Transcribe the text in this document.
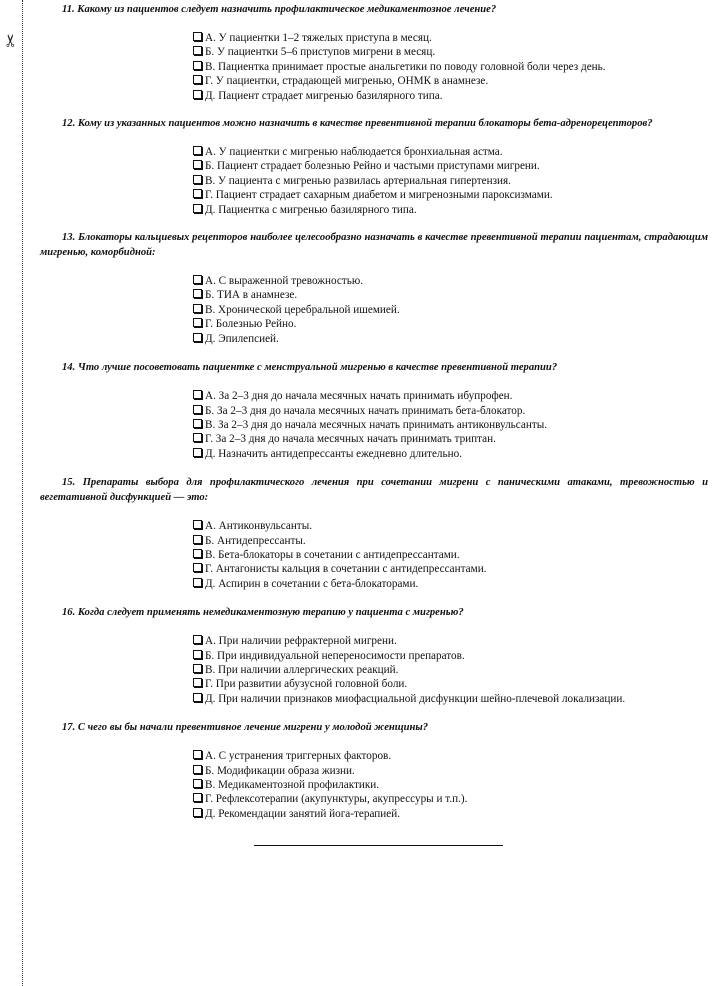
✂

11. Какому из пациентов следует назначить профилактическое медикаментозное лечение?

А. У пациентки 1–2 тяжелых приступа в месяц.
Б. У пациентки 5–6 приступов мигрени в месяц.
В. Пациентка принимает простые анальгетики по поводу головной боли через день.
Г. У пациентки, страдающей мигренью, ОНМК в анамнезе.
Д. Пациент страдает мигренью базилярного типа.

12. Кому из указанных пациентов можно назначить в качестве превентивной терапии блокаторы бета-адренорецепторов?

А. У пациентки с мигренью наблюдается бронхиальная астма.
Б. Пациент страдает болезнью Рейно и частыми приступами мигрени.
В. У пациента с мигренью развилась артериальная гипертензия.
Г. Пациент страдает сахарным диабетом и мигренозными пароксизмами.
Д. Пациентка с мигренью базилярного типа.

13. Блокаторы кальциевых рецепторов наиболее целесообразно назначать в качестве превентивной терапии пациентам, страдающим мигренью, коморбидной:

А. С выраженной тревожностью.
Б. ТИА в анамнезе.
В. Хронической церебральной ишемией.
Г. Болезнью Рейно.
Д. Эпилепсией.

14. Что лучше посоветовать пациентке с менструальной мигренью в качестве превентивной терапии?

А. За 2–3 дня до начала месячных начать принимать ибупрофен.
Б. За 2–3 дня до начала месячных начать принимать бета-блокатор.
В. За 2–3 дня до начала месячных начать принимать антиконвульсанты.
Г. За 2–3 дня до начала месячных начать принимать триптан.
Д. Назначить антидепрессанты ежедневно длительно.

15. Препараты выбора для профилактического лечения при сочетании мигрени с паническими атаками, тревожностью и вегетативной дисфункцией — это:

А. Антиконвульсанты.
Б. Антидепрессанты.
В. Бета-блокаторы в сочетании с антидепрессантами.
Г. Антагонисты кальция в сочетании с антидепрессантами.
Д. Аспирин в сочетании с бета-блокаторами.

16. Когда следует применять немедикаментозную терапию у пациента с мигренью?

А. При наличии рефрактерной мигрени.
Б. При индивидуальной непереносимости препаратов.
В. При наличии аллергических реакций.
Г. При развитии абузусной головной боли.
Д. При наличии признаков миофасциальной дисфункции шейно-плечевой локализации.

17. С чего вы бы начали превентивное лечение мигрени у молодой женщины?

А. С устранения триггерных факторов.
Б. Модификации образа жизни.
В. Медикаментозной профилактики.
Г. Рефлексотерапии (акупунктуры, акупрессуры и т.п.).
Д. Рекомендации занятий йога-терапией.
